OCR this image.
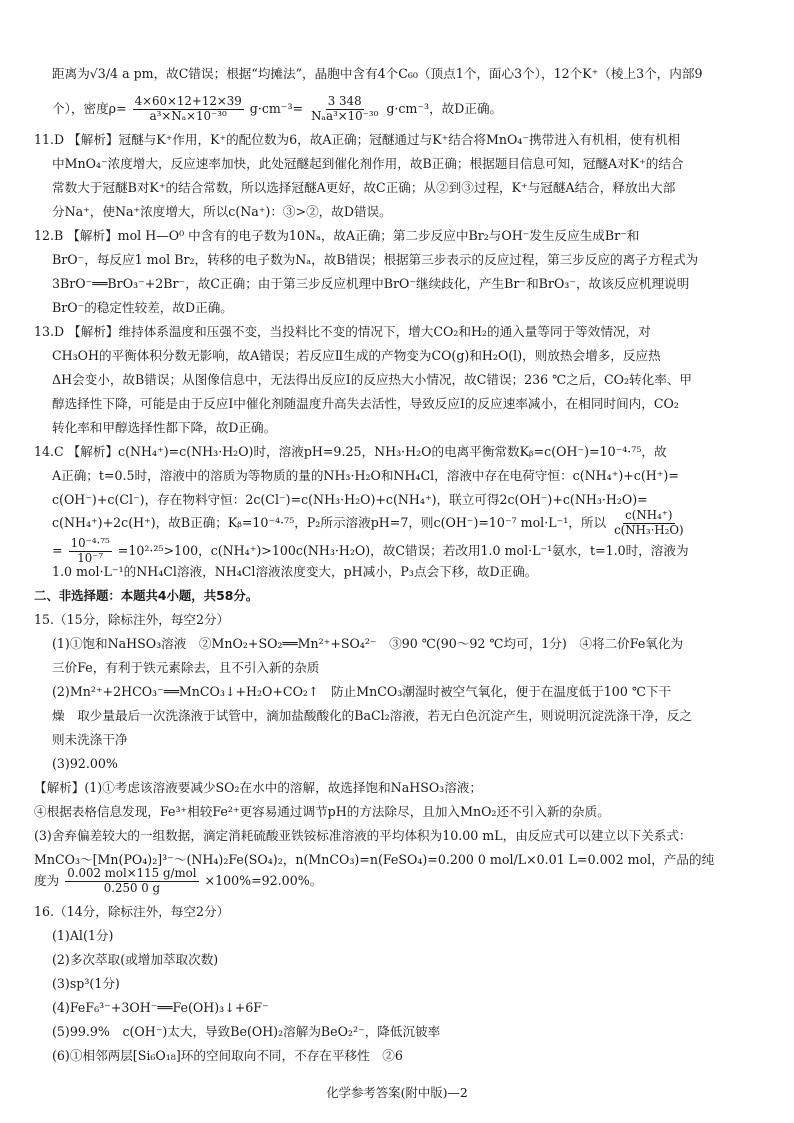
距离为√3/4 a pm，故C错误；根据“均摊法”，晶胞中含有4个C₆₀（顶点1个，面心3个），12个K⁺（棱上3个，内部9
个），密度$\rho= \frac{4\times 60\times 12+12\times 39}{\text{a³×Nₐ×10⁻³⁰}} g\cdot cm^{-3}= \frac{3 348}{\text{Nₐa³×10⁻³⁰}} g\cdot cm^{-3}$，故D正确。
11.D 【解析】冠醚与K⁺作用，K⁺的配位数为6，故A正确；冠醚通过与K⁺结合将MnO₄⁻携带进入有机相，使有机相
中MnO₄⁻浓度增大，反应速率加快，此处冠醚起到催化剂作用，故B正确；根据题目信息可知，冠醚A对K⁺的结合
常数大于冠醚B对K⁺的结合常数，所以选择冠醚A更好，故C正确；从②到③过程，K⁺与冠醚A结合，释放出大部
分Na⁺，使Na⁺浓度增大，所以c(Na⁺)：③>②，故D错误。
12.B 【解析】mol H—O⁰ 中含有的电子数为10Nₐ，故A正确；第二步反应中Br₂与OH⁻发生反应生成Br⁻和
BrO⁻，每反应1 mol Br₂，转移的电子数为Nₐ，故B错误；根据第三步表示的反应过程，第三步反应的离子方程式为
3BrO⁻══BrO₃⁻+2Br⁻，故C正确；由于第三步反应机理中BrO⁻继续歧化，产生Br⁻和BrO₃⁻，故该反应机理说明
BrO⁻的稳定性较差，故D正确。
13.D 【解析】维持体系温度和压强不变，当投料比不变的情况下，增大CO₂和H₂的通入量等同于等效情况，对
CH₃OH的平衡体积分数无影响，故A错误；若反应Ⅱ生成的产物变为CO(g)和H₂O(l)，则放热会增多，反应热
ΔH会变小，故B错误；从图像信息中，无法得出反应Ⅰ的反应热大小情况，故C错误；236 ℃之后，CO₂转化率、甲
醇选择性下降，可能是由于反应Ⅰ中催化剂随温度升高失去活性，导致反应Ⅰ的反应速率减小，在相同时间内，CO₂
转化率和甲醇选择性都下降，故D正确。
14.C 【解析】c(NH₄⁺)=c(NH₃·H₂O)时，溶液pH=9.25，NH₃·H₂O的电离平衡常数Kᵦ=c(OH⁻)=10⁻⁴·⁷⁵，故
A正确；t=0.5时，溶液中的溶质为等物质的量的NH₃·H₂O和NH₄Cl，溶液中存在电荷守恒：c(NH₄⁺)+c(H⁺)=
c(OH⁻)+c(Cl⁻)，存在物料守恒：2c(Cl⁻)=c(NH₃·H₂O)+c(NH₄⁺)，联立可得2c(OH⁻)+c(NH₃·H₂O)=
c(NH₄⁺)+2c(H⁺)，故B正确；Kᵦ=10⁻⁴·⁷⁵，P₂所示溶液pH=7，则c(OH⁻)=10⁻⁷ mol·L⁻¹，所以 $\frac{\text{c(NH₄⁺)}}{\text{c(NH₃·H₂O)}}$
= $\frac{\text{10⁻⁴·⁷⁵}}{\text{10⁻⁷}} =10^2\cdot^{25}>100$，c(NH₄⁺)>100c(NH₃·H₂O)，故C错误；若改用1.0 mol·L⁻¹氨水，t=1.0时，溶液为
1.0 mol·L⁻¹的NH₄Cl溶液，NH₄Cl溶液浓度变大，pH减小，P₃点会下移，故D正确。
二、非选择题：本题共4小题，共58分。
15.（15分，除标注外，每空2分）
(1)①饱和NaHSO₃溶液　②MnO₂+SO₂══Mn²⁺+SO₄²⁻　③90 ℃(90～92 ℃均可，1分)　④将二价Fe氧化为
三价Fe，有利于铁元素除去，且不引入新的杂质
(2)Mn²⁺+2HCO₃⁻══MnCO₃↓+H₂O+CO₂↑　防止MnCO₃潮湿时被空气氧化，便于在温度低于100 ℃下干
燥　取少量最后一次洗涤液于试管中，滴加盐酸酸化的BaCl₂溶液，若无白色沉淀产生，则说明沉淀洗涤干净，反之
则未洗涤干净
(3)92.00%
【解析】(1)①考虑该溶液要减少SO₂在水中的溶解，故选择饱和NaHSO₃溶液；
④根据表格信息发现，Fe³⁺相较Fe²⁺更容易通过调节pH的方法除尽，且加入MnO₂还不引入新的杂质。
(3)舍弃偏差较大的一组数据，滴定消耗硫酸亚铁铵标准溶液的平均体积为10.00 mL，由反应式可以建立以下关系式：
MnCO₃～[Mn(PO₄)₂]³⁻～(NH₄)₂Fe(SO₄)₂，n(MnCO₃)=n(FeSO₄)=0.200 0 mol/L×0.01 L=0.002 mol，产品的纯
度为 $\frac{\text{0.002 mol×115 g/mol}}{0.250 0 g} \times 100\%=92.00\%$。
16.（14分，除标注外，每空2分）
(1)Al(1分)
(2)多次萃取(或增加萃取次数)
(3)sp³(1分)
(4)FeF₆³⁻+3OH⁻══Fe(OH)₃↓+6F⁻
(5)99.9%　c(OH⁻)太大，导致Be(OH)₂溶解为BeO₂²⁻，降低沉铍率
(6)①相邻两层[Si₆O₁₈]环的空间取向不同，不存在平移性　②6
化学参考答案(附中版)—2
